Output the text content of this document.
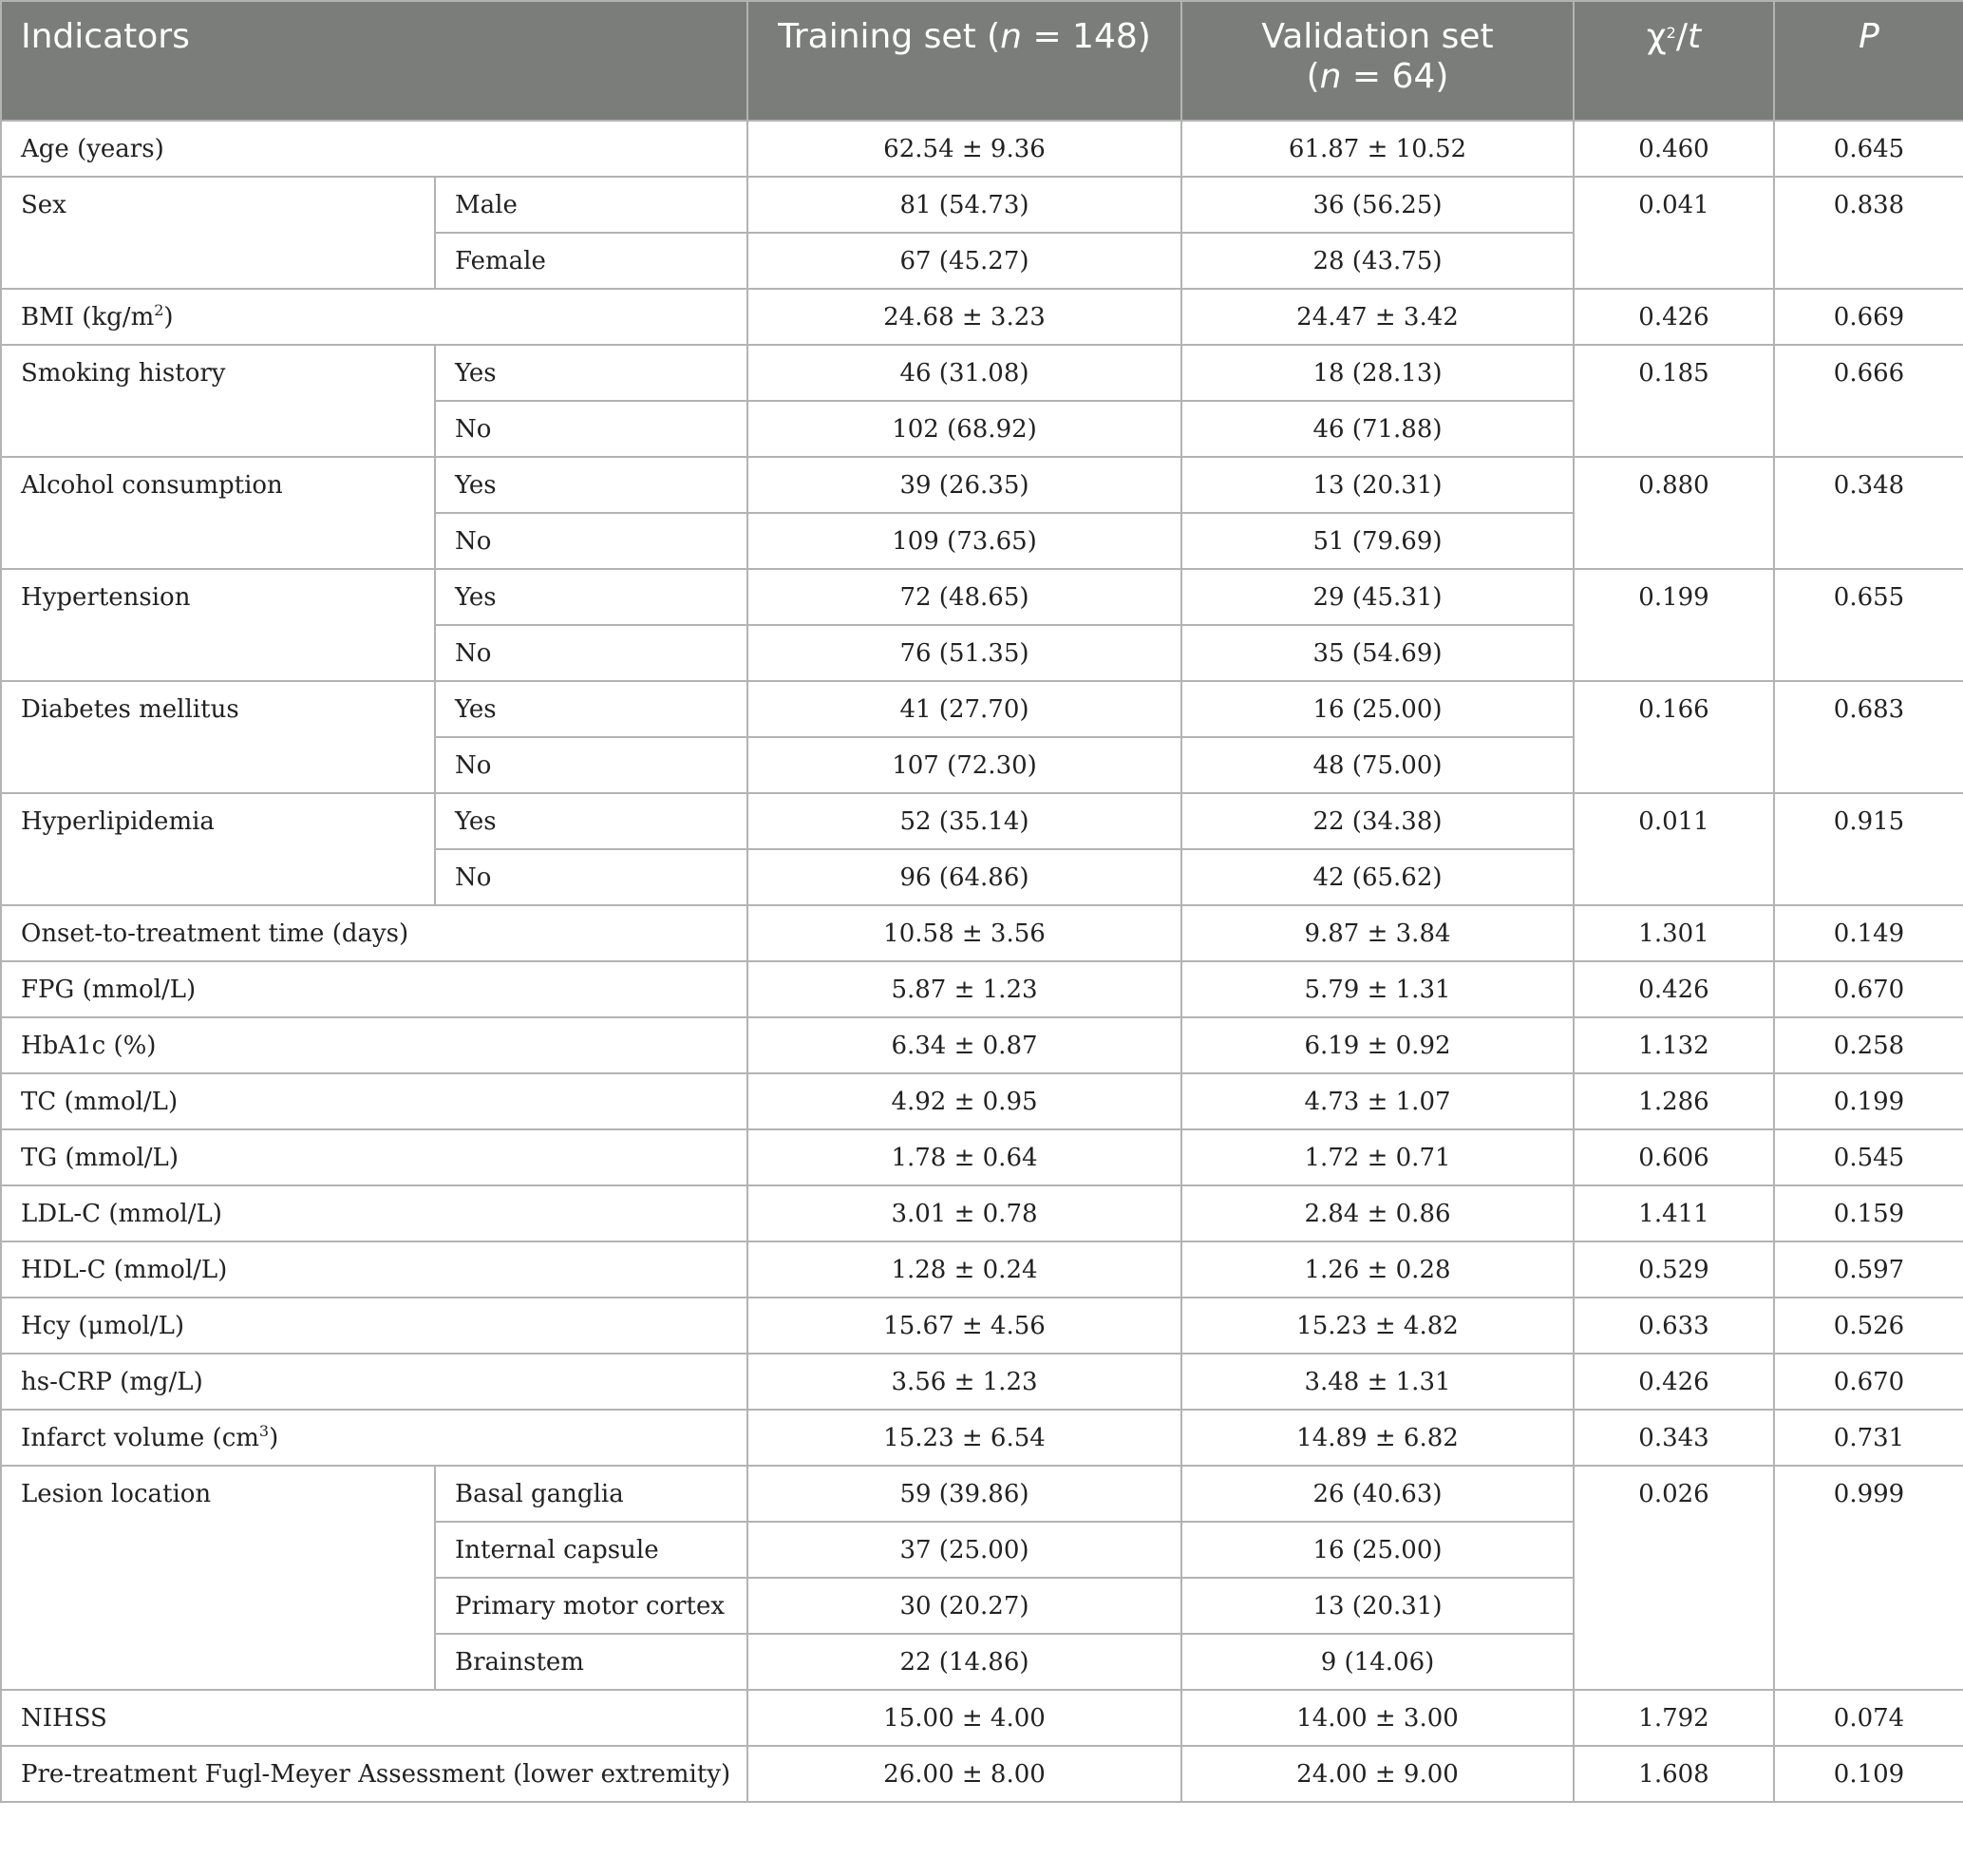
Indicators		Training set (n = 148)	Validation set
(n = 64)	$\chi^2/t$	P
Age (years)		62.54 ± 9.36	61.87 ± 10.52	0.460	0.645
Sex	Male	81 (54.73)	36 (56.25)	0.041	0.838
	Female	67 (45.27)	28 (43.75)		
BMI $(kg/m^2)$		24.68 ± 3.23	24.47 ± 3.42	0.426	0.669
Smoking history	Yes	46 (31.08)	18 (28.13)	0.185	0.666
	No	102 (68.92)	46 (71.88)		
Alcohol consumption	Yes	39 (26.35)	13 (20.31)	0.880	0.348
	No	109 (73.65)	51 (79.69)		
Hypertension	Yes	72 (48.65)	29 (45.31)	0.199	0.655
	No	76 (51.35)	35 (54.69)		
Diabetes mellitus	Yes	41 (27.70)	16 (25.00)	0.166	0.683
	No	107 (72.30)	48 (75.00)		
Hyperlipidemia	Yes	52 (35.14)	22 (34.38)	0.011	0.915
	No	96 (64.86)	42 (65.62)		
Onset-to-treatment time (days)		10.58 ± 3.56	9.87 ± 3.84	1.301	0.149
FPG (mmol/L)		5.87 ± 1.23	5.79 ± 1.31	0.426	0.670
HbA1c (%)		6.34 ± 0.87	6.19 ± 0.92	1.132	0.258
TC (mmol/L)		4.92 ± 0.95	4.73 ± 1.07	1.286	0.199
TG (mmol/L)		1.78 ± 0.64	1.72 ± 0.71	0.606	0.545
LDL-C (mmol/L)		3.01 ± 0.78	2.84 ± 0.86	1.411	0.159
HDL-C (mmol/L)		1.28 ± 0.24	1.26 ± 0.28	0.529	0.597
Hcy (μmol/L)		15.67 ± 4.56	15.23 ± 4.82	0.633	0.526
hs-CRP (mg/L)		3.56 ± 1.23	3.48 ± 1.31	0.426	0.670
Infarct volume $(cm^3)$		15.23 ± 6.54	14.89 ± 6.82	0.343	0.731
Lesion location	Basal ganglia	59 (39.86)	26 (40.63)	0.026	0.999
	Internal capsule	37 (25.00)	16 (25.00)		
	Primary motor cortex	30 (20.27)	13 (20.31)		
	Brainstem	22 (14.86)	9 (14.06)		
NIHSS		15.00 ± 4.00	14.00 ± 3.00	1.792	0.074
Pre-treatment Fugl-Meyer Assessment (lower extremity)		26.00 ± 8.00	24.00 ± 9.00	1.608	0.109
